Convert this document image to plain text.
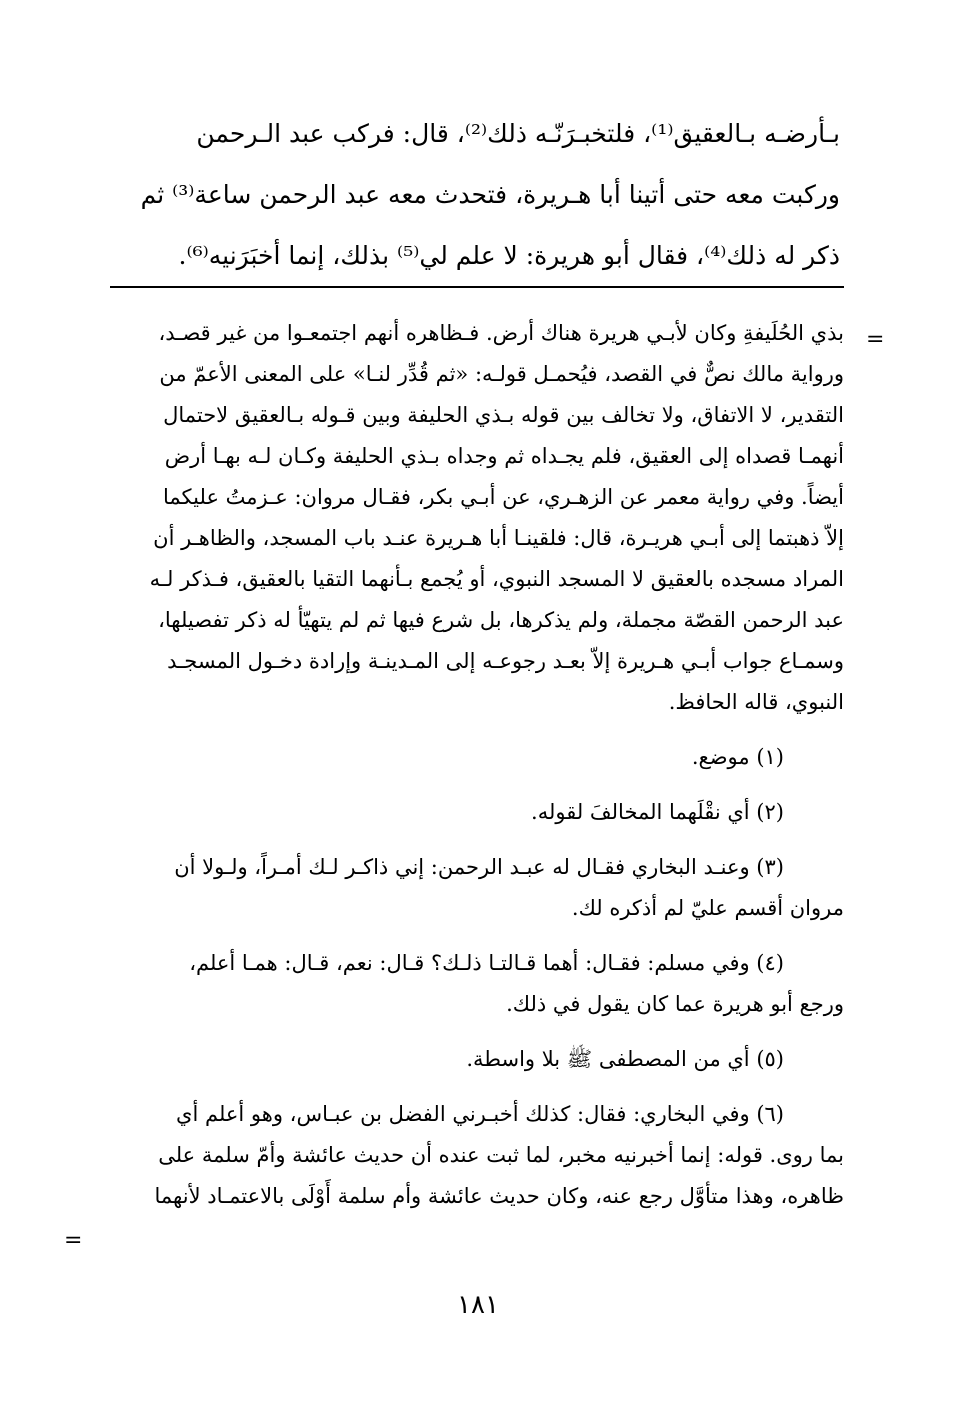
بـأرضـه بـالعقيق⁽¹⁾، فلتخبـرَنّـه ذلك⁽²⁾، قال: فركب عبد الـرحمن
وركبت معه حتى أتينا أبا هـريرة، فتحدث معه عبد الرحمن ساعة⁽³⁾ ثم
ذكر له ذلك⁽⁴⁾، فقال أبو هريرة: لا علم لي⁽⁵⁾ بذلك، إنما أخبَرَنيه⁽⁶⁾.
=
=
بذي الحُلَيفةِ وكان لأبـي هريرة هناك أرض. فـظاهره أنهم اجتمعـوا من غير قصـد،
ورواية مالك نصٌّ في القصد، فيُحمـل قولـه: «ثم قُدِّر لنـا» على المعنى الأعمّ من
التقدير، لا الاتفاق، ولا تخالف بين قوله بـذي الحليفة وبين قـوله بـالعقيق لاحتمال
أنهمـا قصداه إلى العقيق، فلم يجـداه ثم وجداه بـذي الحليفة وكـان لـه بهـا أرض
أيضاً. وفي رواية معمر عن الزهـري، عن أبـي بكر، فقـال مروان: عـزمتُ عليكما
إلاّ ذهبتما إلى أبـي هريـرة، قال: فلقينـا أبا هـريرة عنـد باب المسجد، والظاهـر أن
المراد مسجده بالعقيق لا المسجد النبوي، أو يُجمع بـأنهما التقيا بالعقيق، فـذكر لـه
عبد الرحمن القصّة مجملة، ولم يذكرها، بل شرع فيها ثم لم يتهيّأ له ذكر تفصيلها،
وسمـاع جواب أبـي هـريرة إلاّ بعـد رجوعـه إلى المـدينـة وإرادة دخـول المسجـد
النبوي، قاله الحافظ.
(١) موضع.
(٢) أي نقْلَهما المخالفَ لقوله.
(٣) وعنـد البخاري فقـال له عبـد الرحمن: إني ذاكـر لـك أمـراً، ولـولا أن
مروان أقسم عليّ لم أذكره لك.
(٤) وفي مسلم: فقـال: أهما قـالتـا ذلـك؟ قـال: نعم، قـال: همـا أعلم،
ورجع أبو هريرة عما كان يقول في ذلك.
(٥) أي من المصطفى ﷺ بلا واسطة.
(٦) وفي البخاري: فقال: كذلك أخبـرني الفضل بن عبـاس، وهو أعلم أي
بما روى. قوله: إنما أخبرنيه مخبر، لما ثبت عنده أن حديث عائشة وأمّ سلمة على
ظاهره، وهذا متأوَّل رجع عنه، وكان حديث عائشة وأم سلمة أَوْلَى بالاعتمـاد لأنهما
١٨١
